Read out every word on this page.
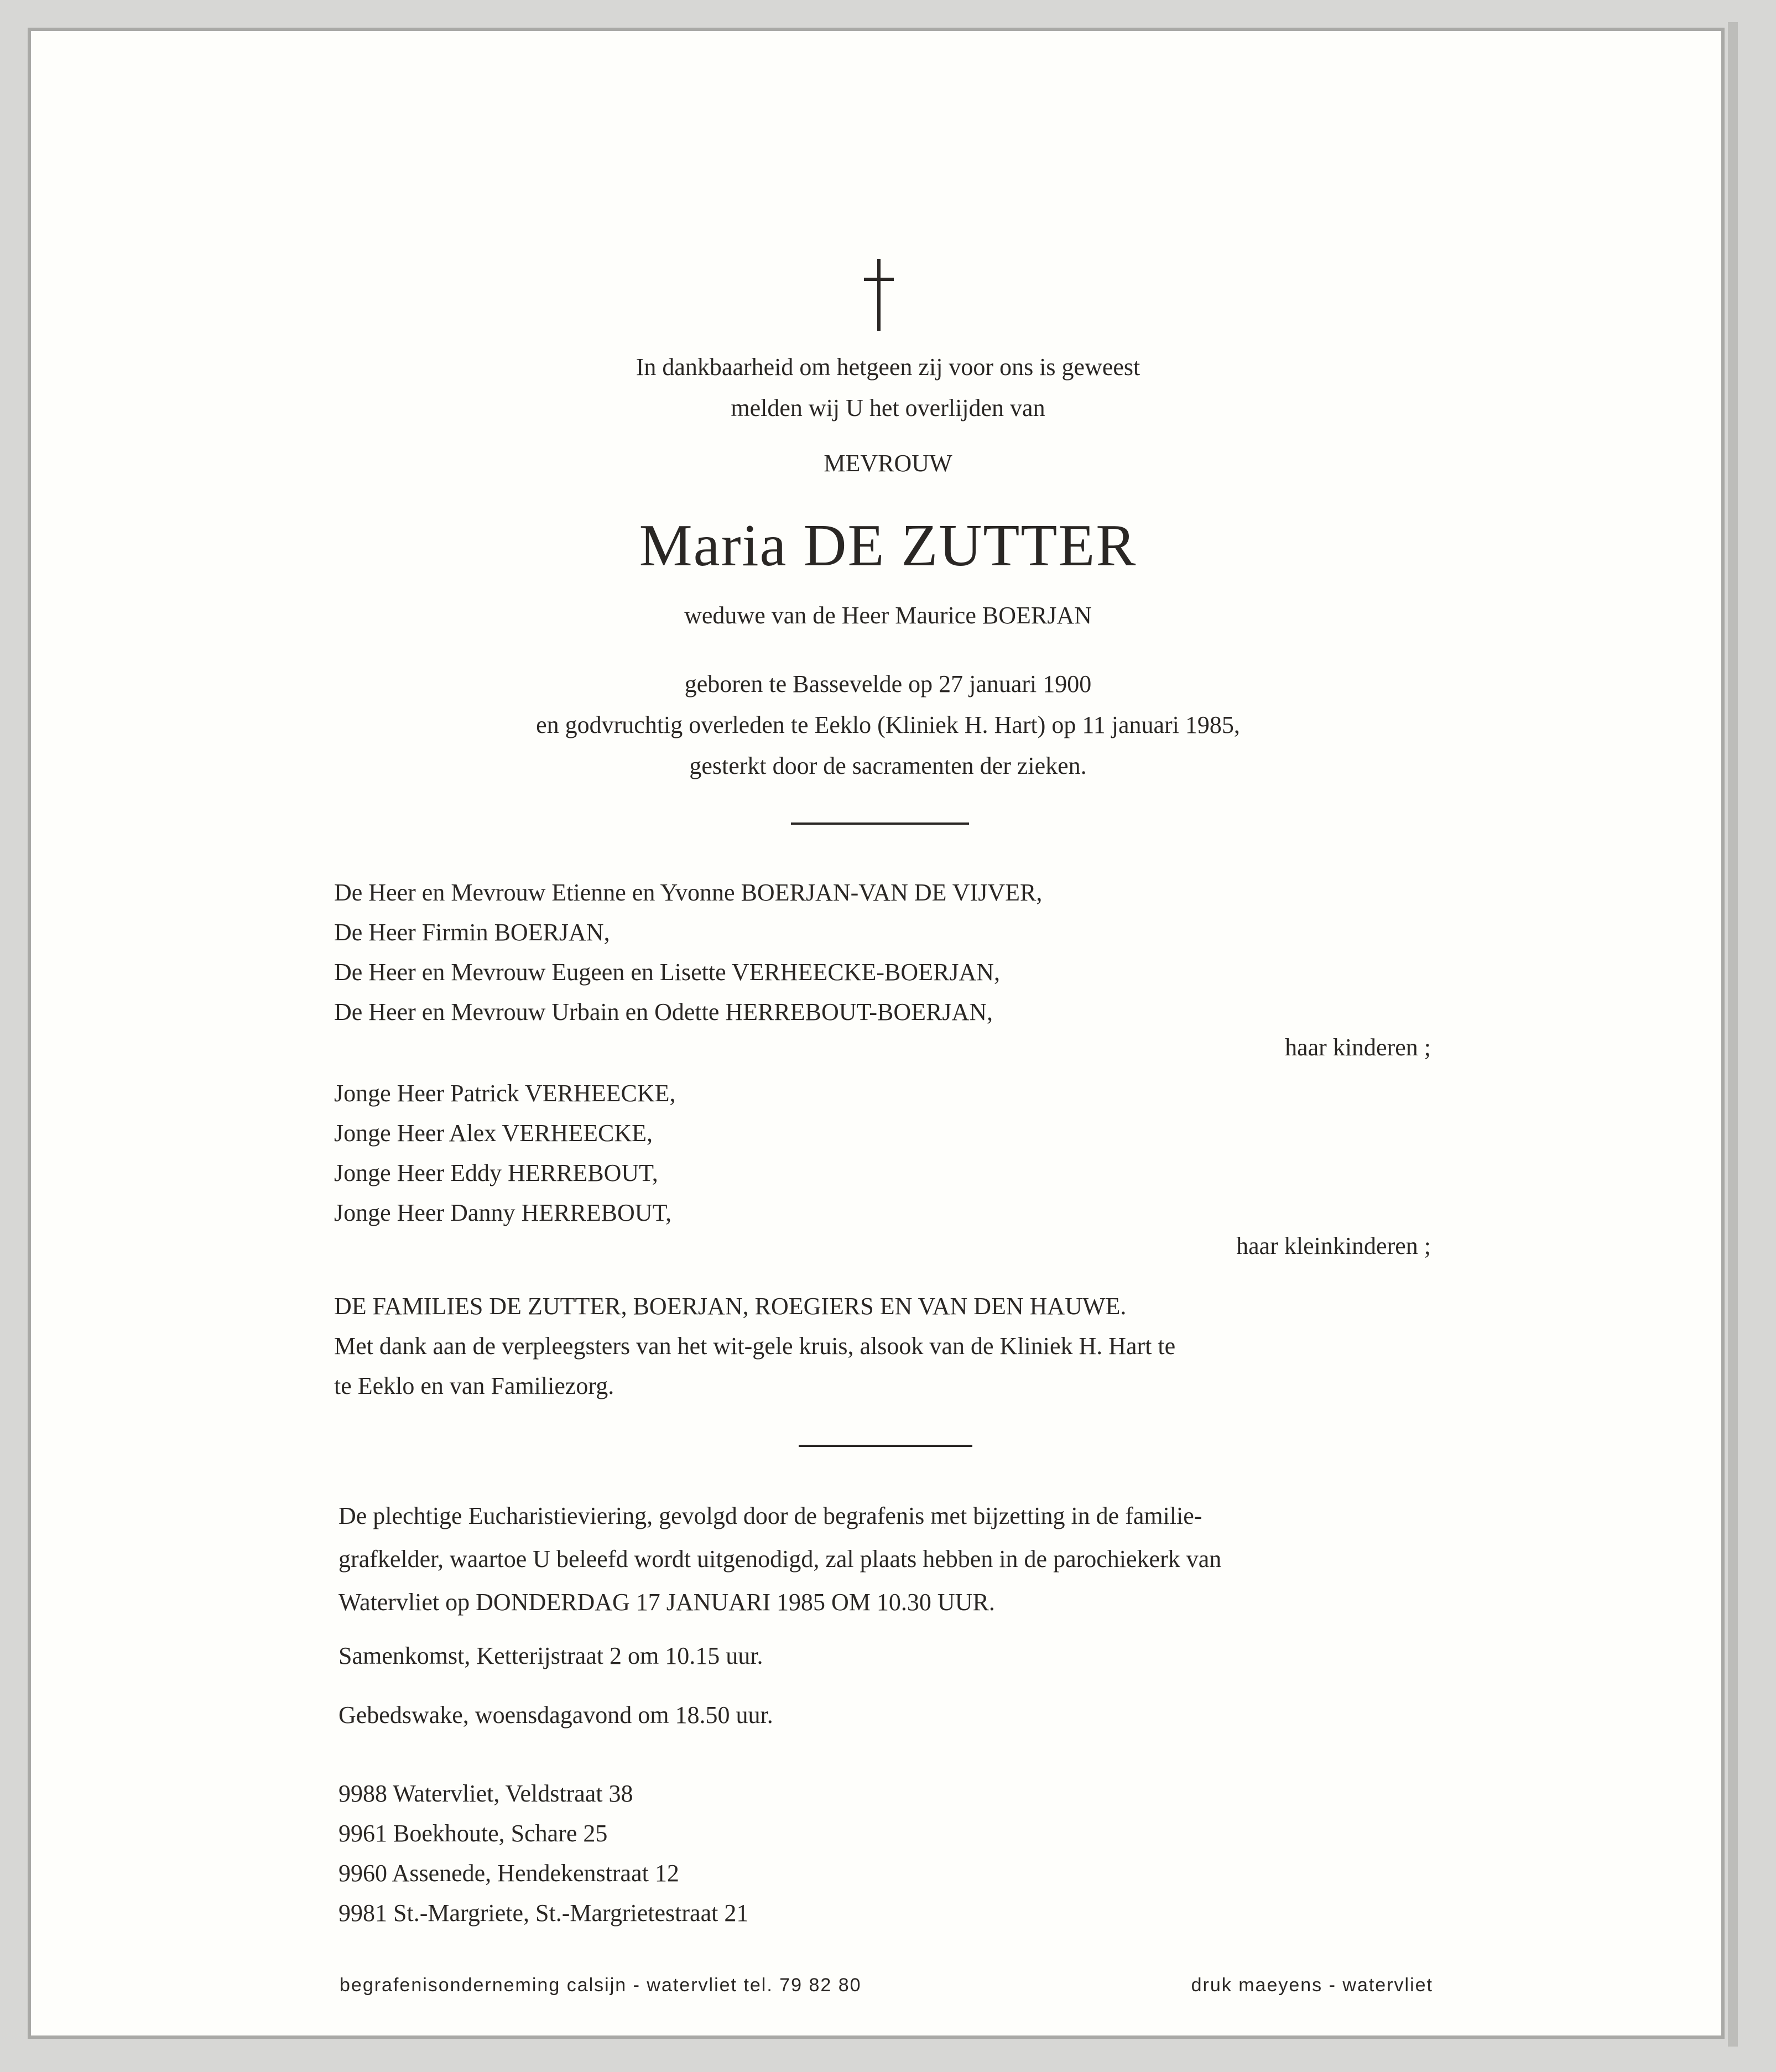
In dankbaarheid om hetgeen zij voor ons is geweest
melden wij U het overlijden van
MEVROUW
Maria DE ZUTTER
weduwe van de Heer Maurice BOERJAN
geboren te Bassevelde op 27 januari 1900
en godvruchtig overleden te Eeklo (Kliniek H. Hart) op 11 januari 1985,
gesterkt door de sacramenten der zieken.
De Heer en Mevrouw Etienne en Yvonne BOERJAN-VAN DE VIJVER,
De Heer Firmin BOERJAN,
De Heer en Mevrouw Eugeen en Lisette VERHEECKE-BOERJAN,
De Heer en Mevrouw Urbain en Odette HERREBOUT-BOERJAN,
haar kinderen ;
Jonge Heer Patrick VERHEECKE,
Jonge Heer Alex VERHEECKE,
Jonge Heer Eddy HERREBOUT,
Jonge Heer Danny HERREBOUT,
haar kleinkinderen ;
DE FAMILIES DE ZUTTER, BOERJAN, ROEGIERS EN VAN DEN HAUWE.
Met dank aan de verpleegsters van het wit-gele kruis, alsook van de Kliniek H. Hart te
te Eeklo en van Familiezorg.
De plechtige Eucharistieviering, gevolgd door de begrafenis met bijzetting in de familie-
grafkelder, waartoe U beleefd wordt uitgenodigd, zal plaats hebben in de parochiekerk van
Watervliet op DONDERDAG 17 JANUARI 1985 OM 10.30 UUR.
Samenkomst, Ketterijstraat 2 om 10.15 uur.
Gebedswake, woensdagavond om 18.50 uur.
9988 Watervliet, Veldstraat 38
9961 Boekhoute, Schare 25
9960 Assenede, Hendekenstraat 12
9981 St.-Margriete, St.-Margrietestraat 21
begrafenisonderneming calsijn - watervliet tel. 79 82 80	druk maeyens - watervliet
